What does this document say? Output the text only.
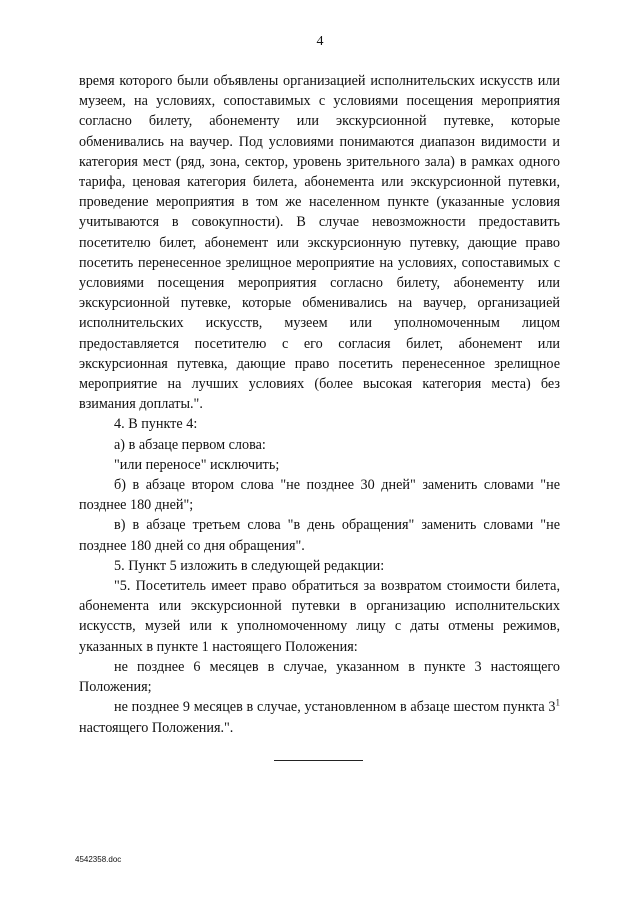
4

время которого были объявлены организацией исполнительских искусств или музеем, на условиях, сопоставимых с условиями посещения мероприятия согласно билету, абонементу или экскурсионной путевке, которые обменивались на ваучер. Под условиями понимаются диапазон видимости и категория мест (ряд, зона, сектор, уровень зрительного зала) в рамках одного тарифа, ценовая категория билета, абонемента или экскурсионной путевки, проведение мероприятия в том же населенном пункте (указанные условия учитываются в совокупности). В случае невозможности предоставить посетителю билет, абонемент или экскурсионную путевку, дающие право посетить перенесенное зрелищное мероприятие на условиях, сопоставимых с условиями посещения мероприятия согласно билету, абонементу или экскурсионной путевке, которые обменивались на ваучер, организацией исполнительских искусств, музеем или уполномоченным лицом предоставляется посетителю с его согласия билет, абонемент или экскурсионная путевка, дающие право посетить перенесенное зрелищное мероприятие на лучших условиях (более высокая категория места) без взимания доплаты.".

4. В пункте 4:

а) в абзаце первом слова:

"или переносе" исключить;

б) в абзаце втором слова "не позднее 30 дней" заменить словами "не позднее 180 дней";

в) в абзаце третьем слова "в день обращения" заменить словами "не позднее 180 дней со дня обращения".

5. Пункт 5 изложить в следующей редакции:

"5. Посетитель имеет право обратиться за возвратом стоимости билета, абонемента или экскурсионной путевки в организацию исполнительских искусств, музей или к уполномоченному лицу с даты отмены режимов, указанных в пункте 1 настоящего Положения:

не позднее 6 месяцев в случае, указанном в пункте 3 настоящего Положения;

не позднее 9 месяцев в случае, установленном в абзаце шестом пункта $3^1$ настоящего Положения.".

4542358.doc
